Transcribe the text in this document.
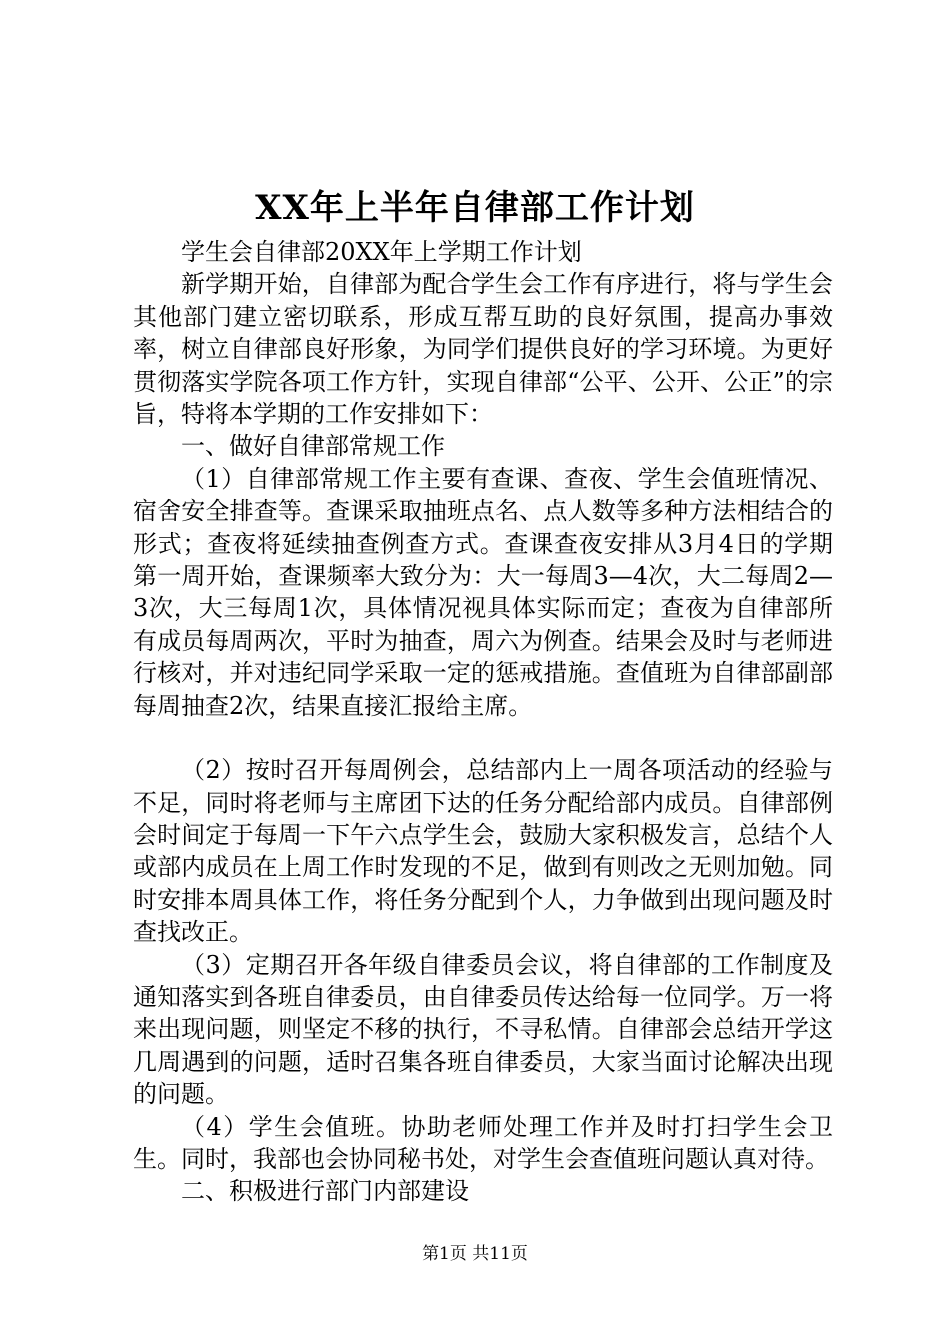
XX年上半年自律部工作计划

学生会自律部20XX年上学期工作计划

新学期开始，自律部为配合学生会工作有序进行，将与学生会其他部门建立密切联系，形成互帮互助的良好氛围，提高办事效率，树立自律部良好形象，为同学们提供良好的学习环境。为更好贯彻落实学院各项工作方针，实现自律部“公平、公开、公正”的宗旨，特将本学期的工作安排如下：

一、做好自律部常规工作

（1）自律部常规工作主要有查课、查夜、学生会值班情况、宿舍安全排查等。查课采取抽班点名、点人数等多种方法相结合的形式；查夜将延续抽查例查方式。查课查夜安排从3月4日的学期第一周开始，查课频率大致分为：大一每周3—4次，大二每周2—3次，大三每周1次，具体情况视具体实际而定；查夜为自律部所有成员每周两次，平时为抽查，周六为例查。结果会及时与老师进行核对，并对违纪同学采取一定的惩戒措施。查值班为自律部副部每周抽查2次，结果直接汇报给主席。

（2）按时召开每周例会，总结部内上一周各项活动的经验与不足，同时将老师与主席团下达的任务分配给部内成员。自律部例会时间定于每周一下午六点学生会，鼓励大家积极发言，总结个人或部内成员在上周工作时发现的不足，做到有则改之无则加勉。同时安排本周具体工作，将任务分配到个人，力争做到出现问题及时查找改正。

（3）定期召开各年级自律委员会议，将自律部的工作制度及通知落实到各班自律委员，由自律委员传达给每一位同学。万一将来出现问题，则坚定不移的执行，不寻私情。自律部会总结开学这几周遇到的问题，适时召集各班自律委员，大家当面讨论解决出现的问题。

（4）学生会值班。协助老师处理工作并及时打扫学生会卫生。同时，我部也会协同秘书处，对学生会查值班问题认真对待。

二、积极进行部门内部建设

第1页 共11页
